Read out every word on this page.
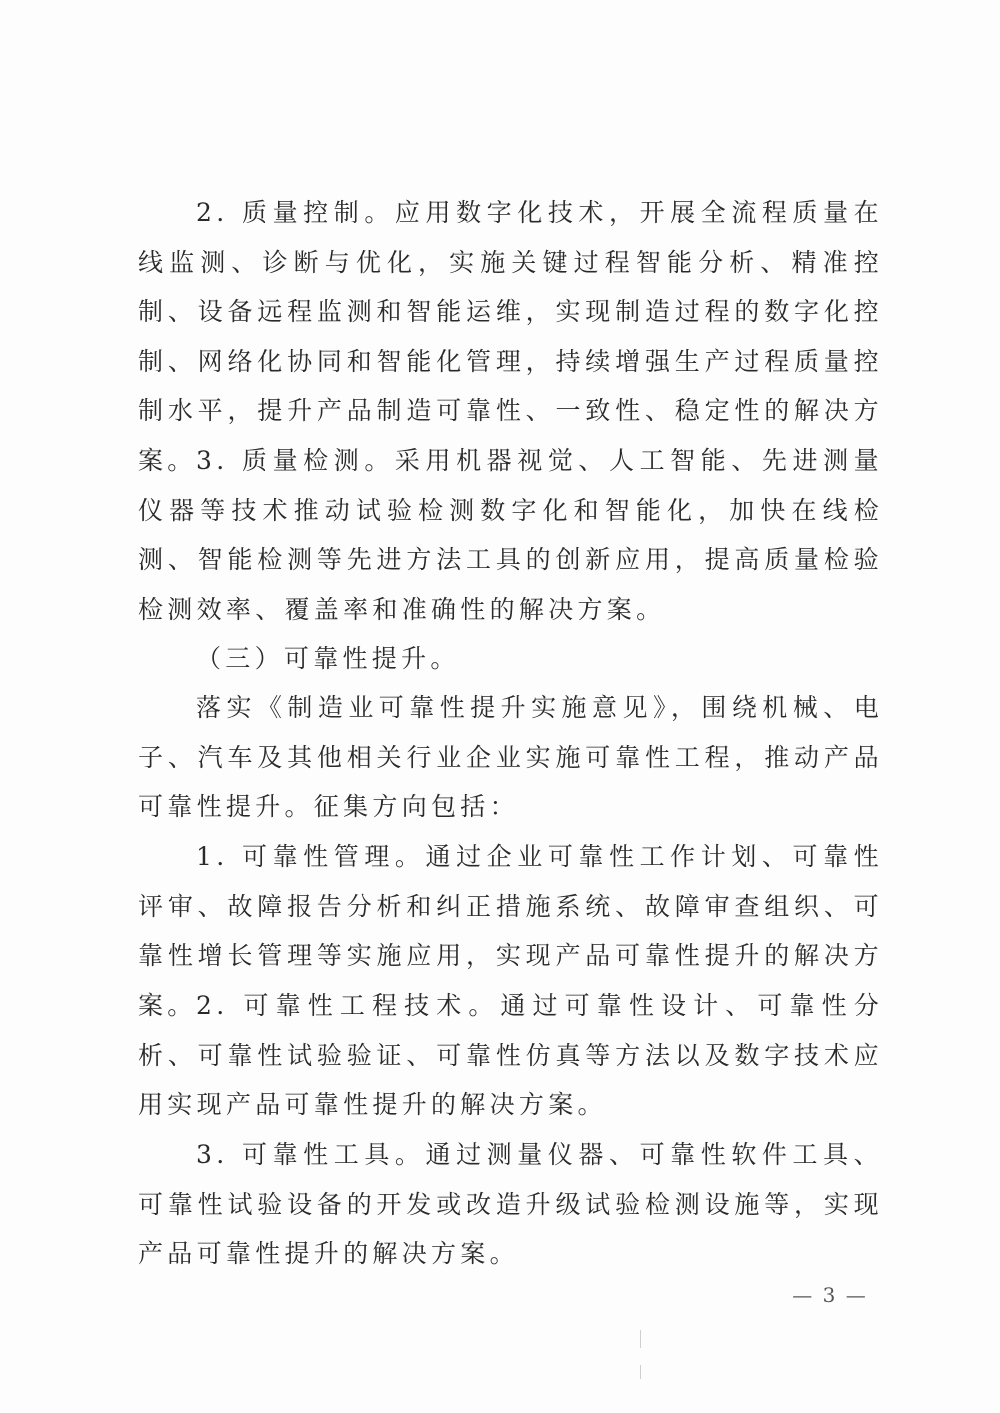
2. 质量控制。应用数字化技术，开展全流程质量在线监测、诊断与优化，实施关键过程智能分析、精准控制、设备远程监测和智能运维，实现制造过程的数字化控制、网络化协同和智能化管理，持续增强生产过程质量控制水平，提升产品制造可靠性、一致性、稳定性的解决方案。 3. 质量检测。采用机器视觉、人工智能、先进测量仪器等技术推动试验检测数字化和智能化，加快在线检测、智能检测等先进方法工具的创新应用，提高质量检验检测效率、覆盖率和准确性的解决方案。

（三）可靠性提升。

落实《制造业可靠性提升实施意见》，围绕机械、电子、汽车及其他相关行业企业实施可靠性工程，推动产品可靠性提升。征集方向包括：

1. 可靠性管理。通过企业可靠性工作计划、可靠性评审、故障报告分析和纠正措施系统、故障审查组织、可靠性增长管理等实施应用，实现产品可靠性提升的解决方案。 2. 可靠性工程技术。通过可靠性设计、可靠性分析、可靠性试验验证、可靠性仿真等方法以及数字技术应用实现产品可靠性提升的解决方案。

3. 可靠性工具。通过测量仪器、可靠性软件工具、可靠性试验设备的开发或改造升级试验检测设施等，实现产品可靠性提升的解决方案。

— 3 —
